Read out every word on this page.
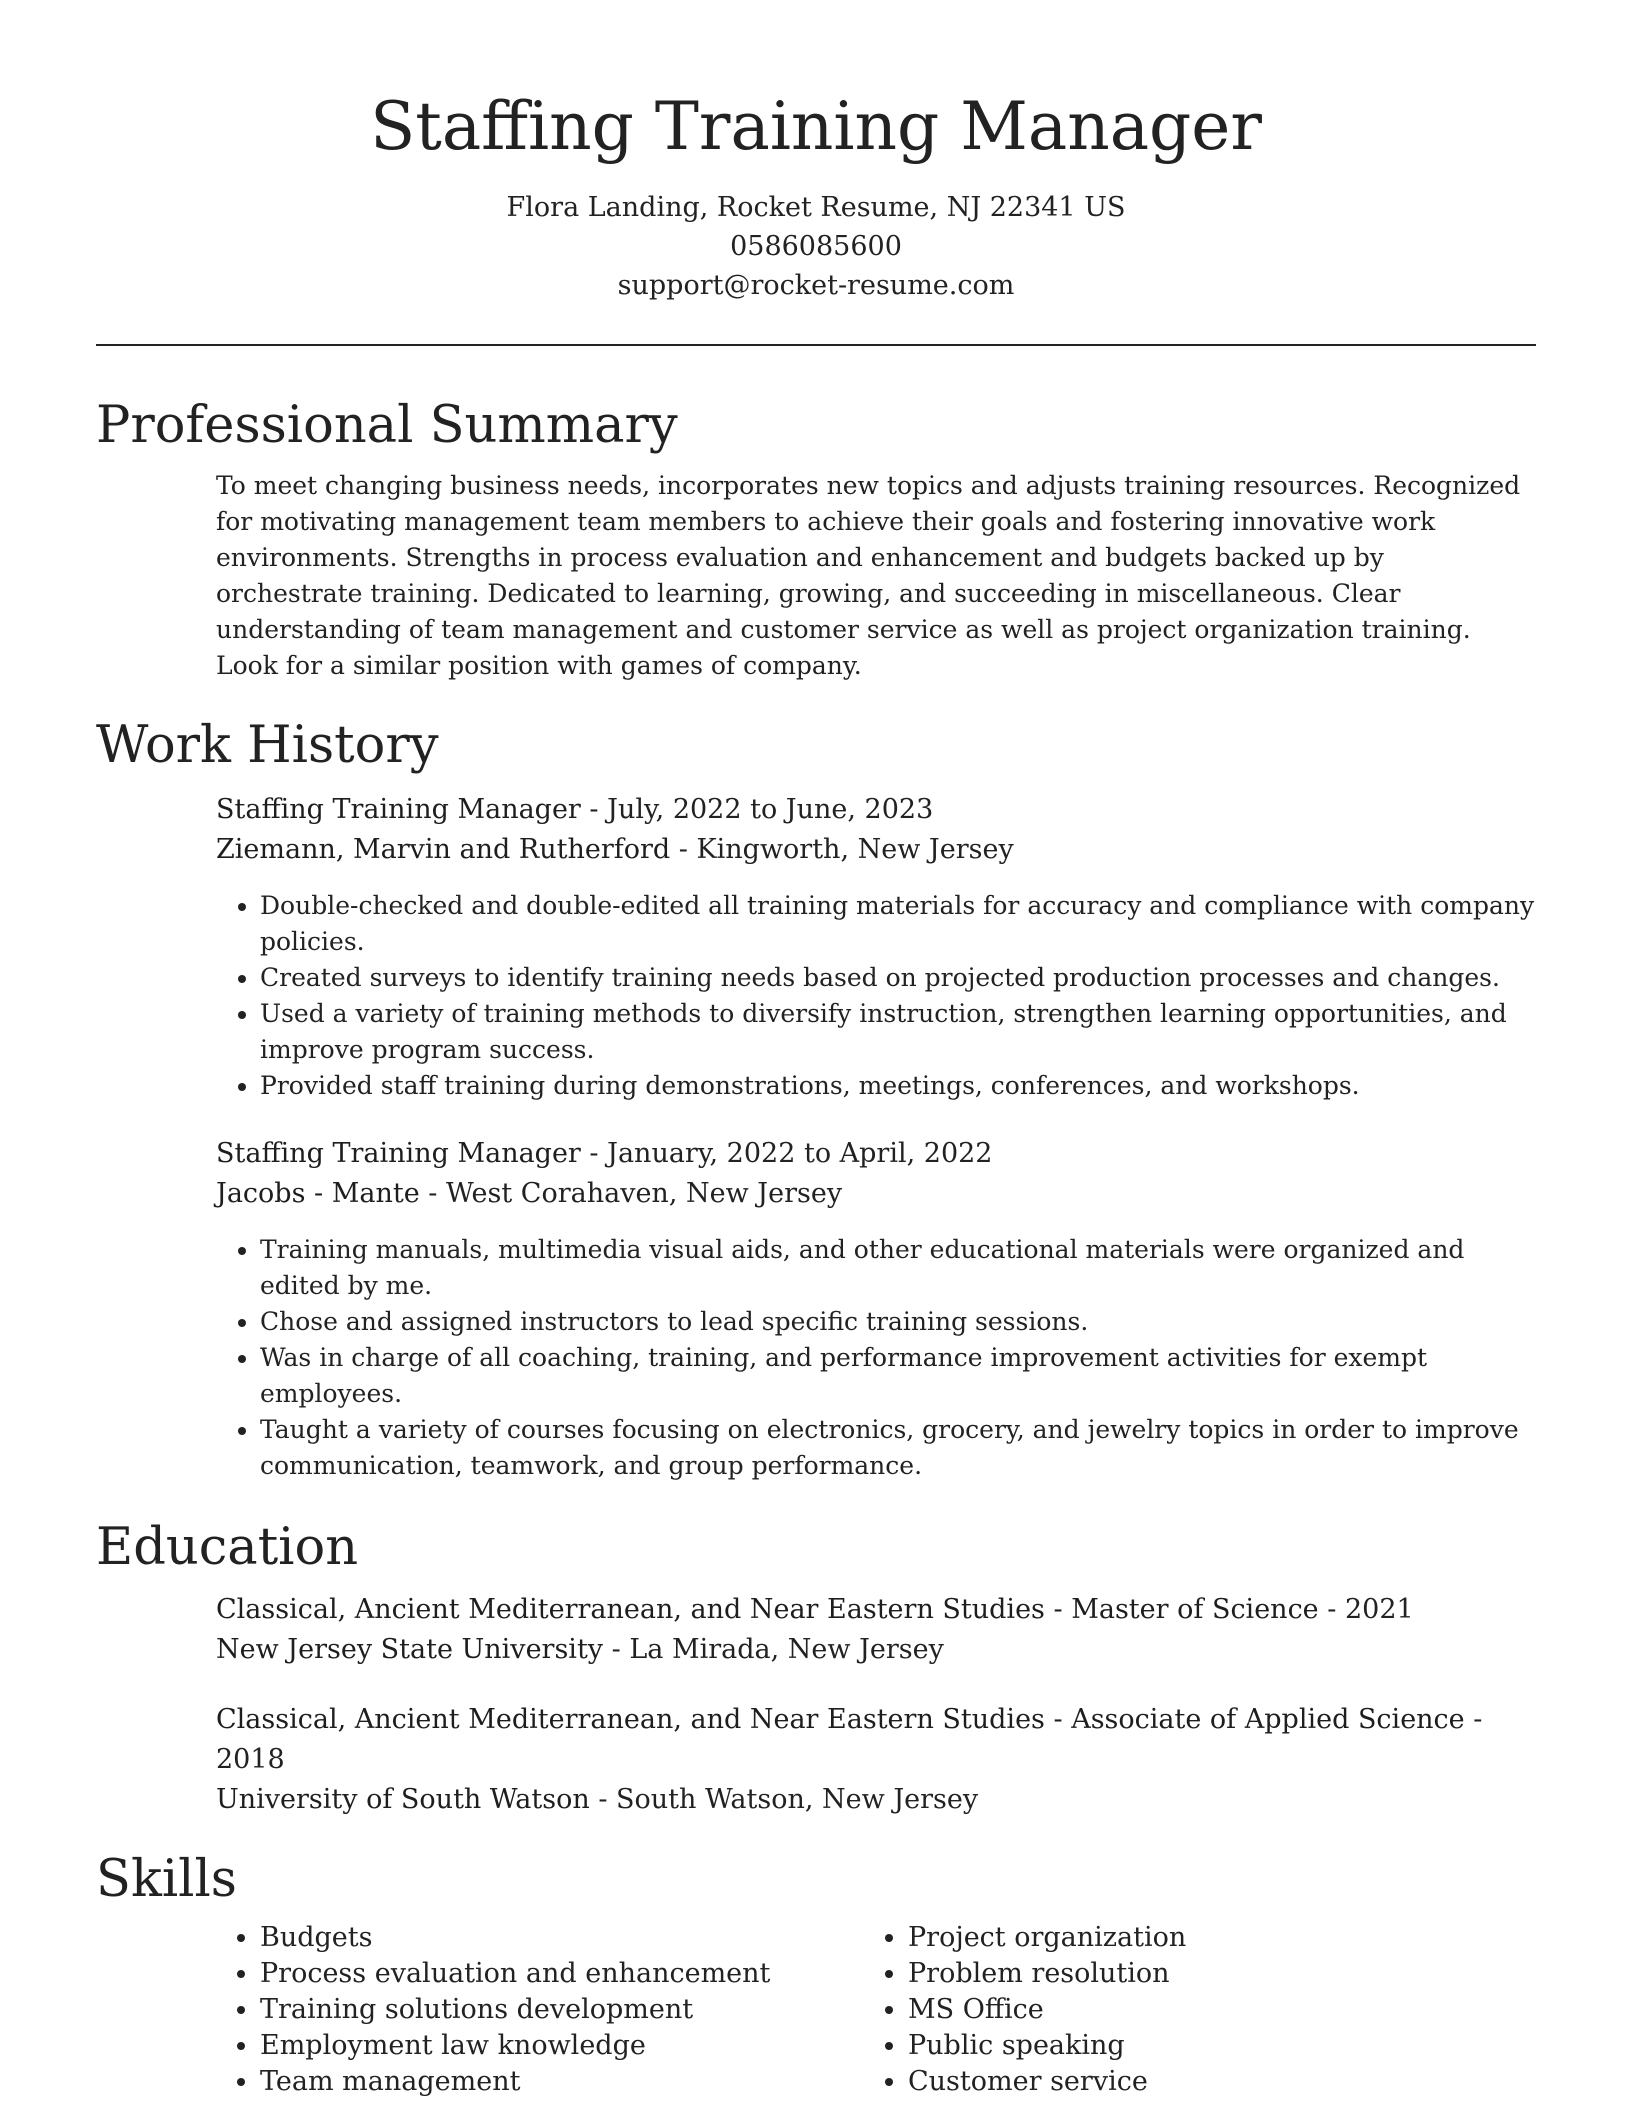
Staffing Training Manager
Flora Landing, Rocket Resume, NJ 22341 US
0586085600
support@rocket-resume.com
Professional Summary
To meet changing business needs, incorporates new topics and adjusts training resources. Recognized for motivating management team members to achieve their goals and fostering innovative work environments. Strengths in process evaluation and enhancement and budgets backed up by orchestrate training. Dedicated to learning, growing, and succeeding in miscellaneous. Clear understanding of team management and customer service as well as project organization training. Look for a similar position with games of company.
Work History
Staffing Training Manager - July, 2022 to June, 2023
Ziemann, Marvin and Rutherford - Kingworth, New Jersey
• Double-checked and double-edited all training materials for accuracy and compliance with company policies.
• Created surveys to identify training needs based on projected production processes and changes.
• Used a variety of training methods to diversify instruction, strengthen learning opportunities, and improve program success.
• Provided staff training during demonstrations, meetings, conferences, and workshops.
Staffing Training Manager - January, 2022 to April, 2022
Jacobs - Mante - West Corahaven, New Jersey
• Training manuals, multimedia visual aids, and other educational materials were organized and edited by me.
• Chose and assigned instructors to lead specific training sessions.
• Was in charge of all coaching, training, and performance improvement activities for exempt employees.
• Taught a variety of courses focusing on electronics, grocery, and jewelry topics in order to improve communication, teamwork, and group performance.
Education
Classical, Ancient Mediterranean, and Near Eastern Studies - Master of Science - 2021
New Jersey State University - La Mirada, New Jersey
Classical, Ancient Mediterranean, and Near Eastern Studies - Associate of Applied Science - 2018
University of South Watson - South Watson, New Jersey
Skills
• Budgets
• Process evaluation and enhancement
• Training solutions development
• Employment law knowledge
• Team management
• Project organization
• Problem resolution
• MS Office
• Public speaking
• Customer service
